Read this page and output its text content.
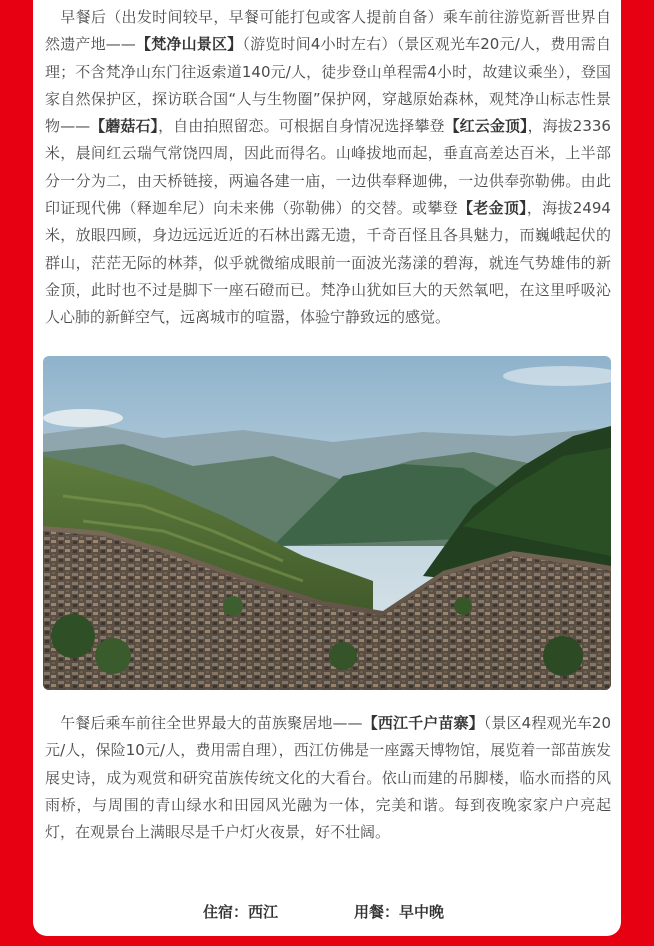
　早餐后（出发时间较早，早餐可能打包或客人提前自备）乘车前往游览新晋世界自然遗产地——【梵净山景区】（游览时间4小时左右）（景区观光车20元/人，费用需自理；不含梵净山东门往返索道140元/人，徒步登山单程需4小时，故建议乘坐），登国家自然保护区，探访联合国“人与生物圈”保护网，穿越原始森林，观梵净山标志性景物——【蘑菇石】，自由拍照留恋。可根据自身情况选择攀登【红云金顶】，海拔2336米，晨间红云瑞气常饶四周，因此而得名。山峰拔地而起，垂直高差达百米，上半部分一分为二，由天桥链接，两遍各建一庙，一边供奉释迦佛，一边供奉弥勒佛。由此印证现代佛（释迦牟尼）向未来佛（弥勒佛）的交替。或攀登【老金顶】，海拔2494米，放眼四顾，身边远远近近的石林出露无遗，千奇百怪且各具魅力，而巍峨起伏的群山，茫茫无际的林莽，似乎就微缩成眼前一面波光荡漾的碧海，就连气势雄伟的新金顶，此时也不过是脚下一座石磴而已。梵净山犹如巨大的天然氧吧，在这里呼吸沁人心肺的新鲜空气，远离城市的喧嚣，体验宁静致远的感觉。

　午餐后乘车前往全世界最大的苗族聚居地——【西江千户苗寨】（景区4程观光车20元/人，保险10元/人，费用需自理），西江仿佛是一座露天博物馆，展览着一部苗族发展史诗，成为观赏和研究苗族传统文化的大看台。依山而建的吊脚楼，临水而搭的风雨桥，与周围的青山绿水和田园风光融为一体，完美和谐。每到夜晚家家户户亮起灯，在观景台上满眼尽是千户灯火夜景，好不壮阔。

住宿：西江	用餐：早中晚
